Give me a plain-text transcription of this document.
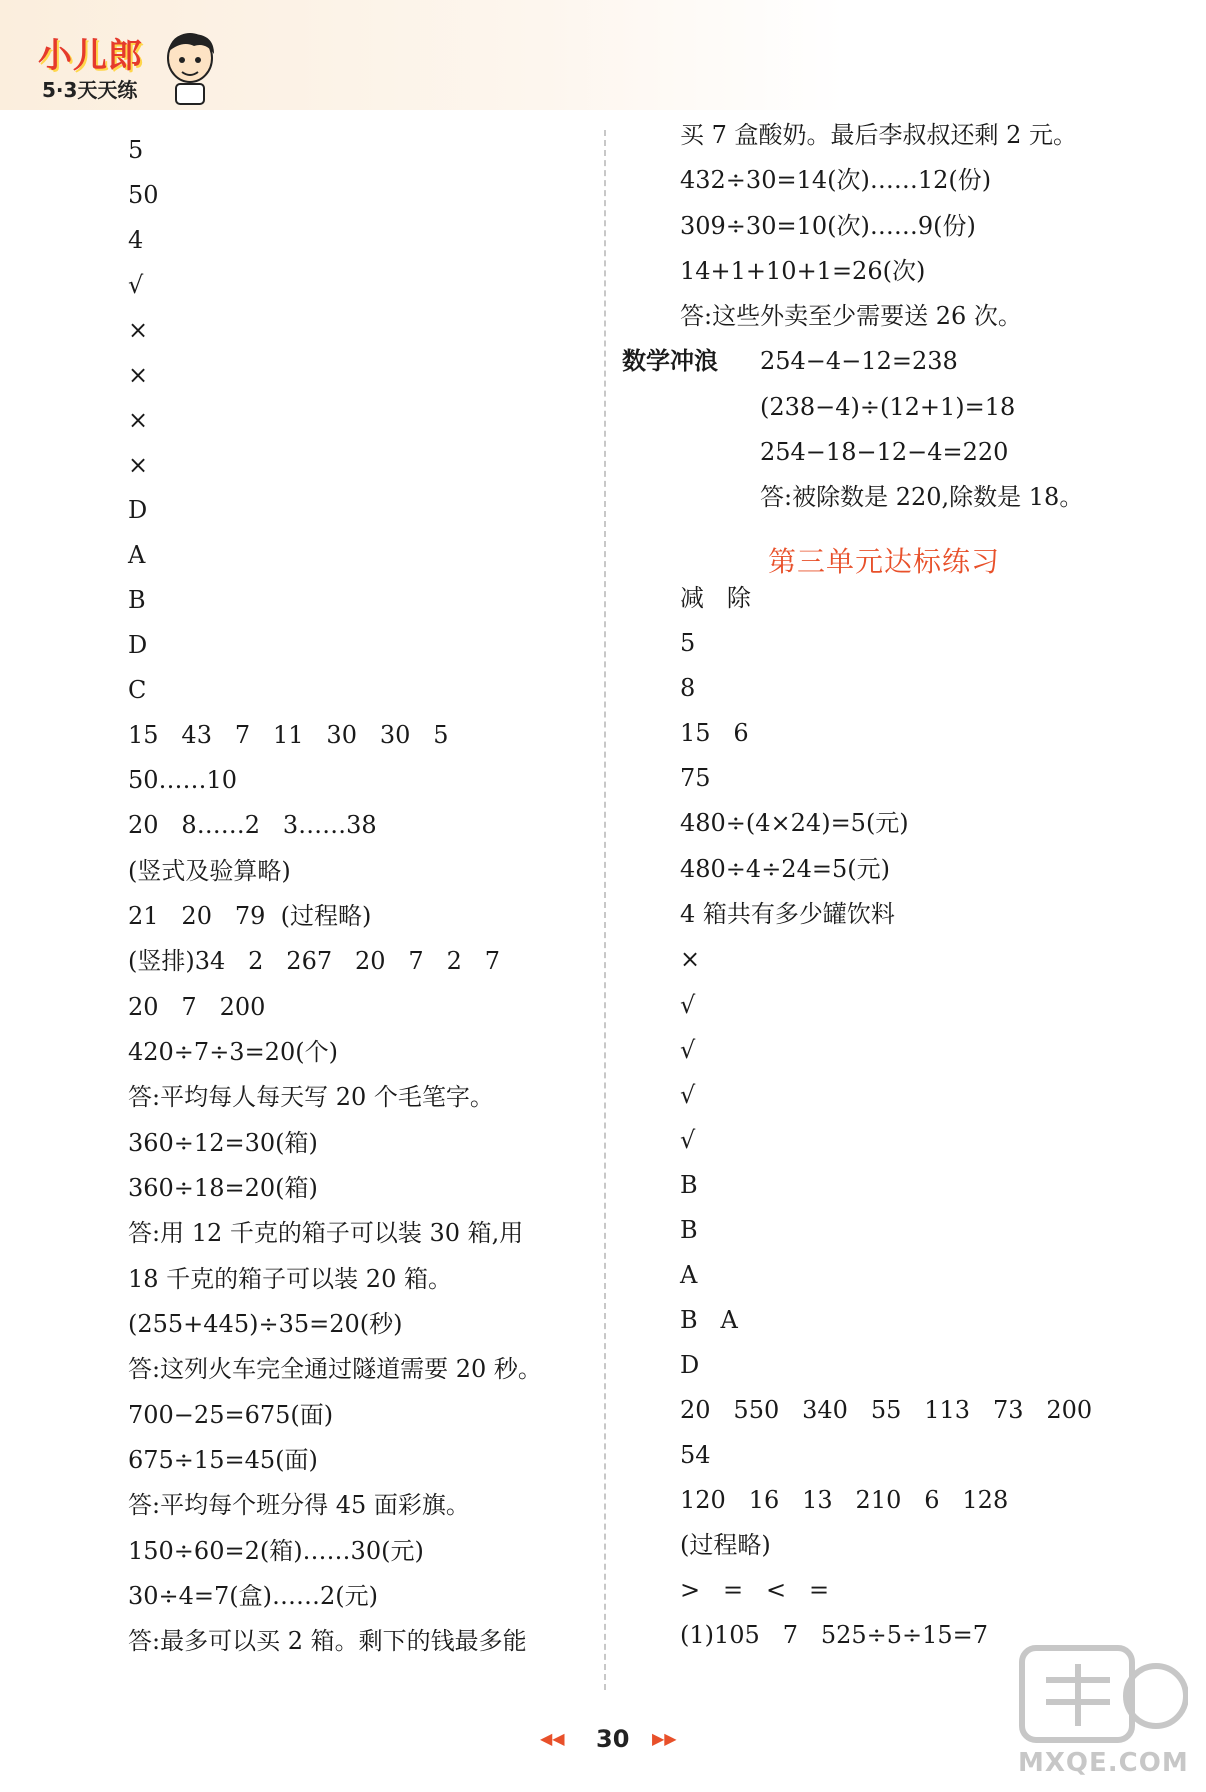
小儿郎
5·3天天练
5
50
4
√
×
×
×
×
D
A
B
D
C
15   43   7   11   30   30   5
50……10
20   8……2   3……38
(竖式及验算略)
21   20   79  (过程略)
(竖排)34   2   267   20   7   2   7
20   7   200
420÷7÷3=20(个)
答:平均每人每天写 20 个毛笔字。
360÷12=30(箱)
360÷18=20(箱)
答:用 12 千克的箱子可以装 30 箱,用
18 千克的箱子可以装 20 箱。
(255+445)÷35=20(秒)
答:这列火车完全通过隧道需要 20 秒。
700−25=675(面)
675÷15=45(面)
答:平均每个班分得 45 面彩旗。
150÷60=2(箱)……30(元)
30÷4=7(盒)……2(元)
答:最多可以买 2 箱。剩下的钱最多能
买 7 盒酸奶。最后李叔叔还剩 2 元。
432÷30=14(次)……12(份)
309÷30=10(次)……9(份)
14+1+10+1=26(次)
答:这些外卖至少需要送 26 次。
数学冲浪 254−4−12=238
(238−4)÷(12+1)=18
254−18−12−4=220
答:被除数是 220,除数是 18。
减   除
5
8
15   6
75
480÷(4×24)=5(元)
480÷4÷24=5(元)
4 箱共有多少罐饮料
×
√
√
√
√
B
B
A
B   A
D
20   550   340   55   113   73   200
54
120   16   13   210   6   128
(过程略)
>   =   <   =
(1)105   7   525÷5÷15=7
第三单元达标练习
◀◀ 30 ▶▶
MXQE.COM
